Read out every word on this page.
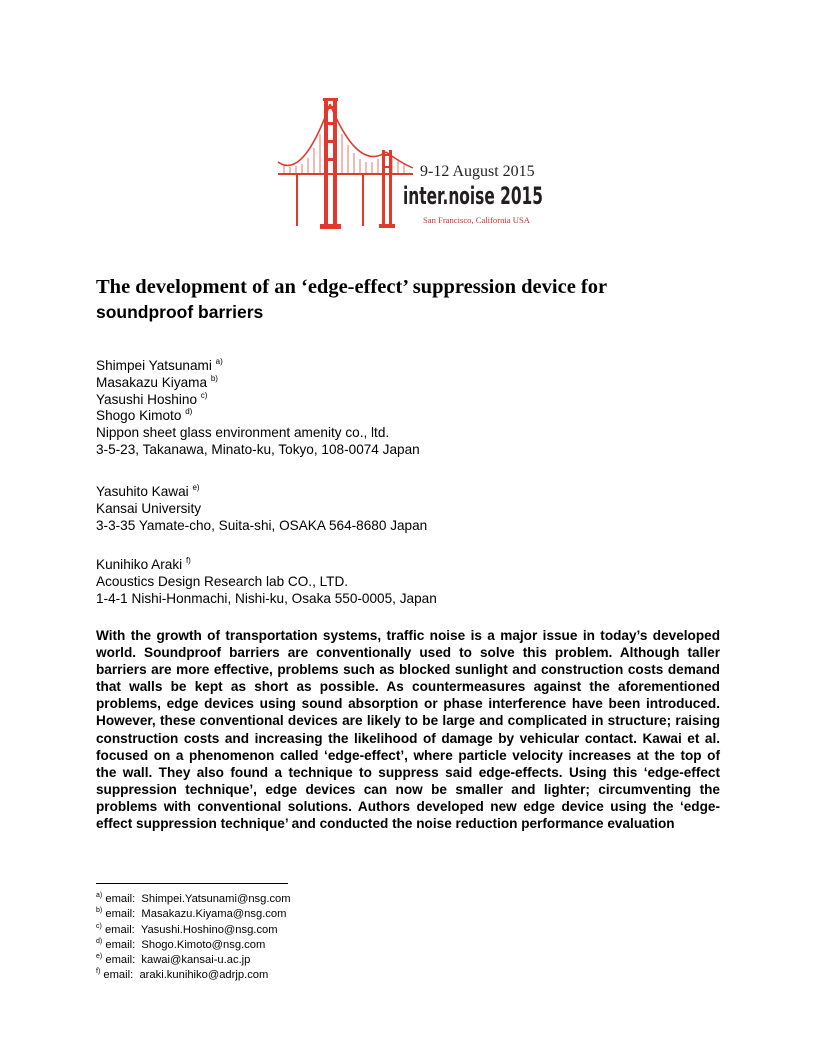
9-12 August 2015
inter.noise 2015
San Francisco, California USA
The development of an ‘edge-effect’ suppression device for
soundproof barriers
Shimpei Yatsunami $^{a)}$
Masakazu Kiyama $^{b)}$
Yasushi Hoshino $^{c)}$
Shogo Kimoto $^{d)}$
Nippon sheet glass environment amenity co., ltd.
3-5-23, Takanawa, Minato-ku, Tokyo, 108-0074 Japan
Yasuhito Kawai $^{e)}$
Kansai University
3-3-35 Yamate-cho, Suita-shi, OSAKA 564-8680 Japan
Kunihiko Araki $^{f)}$
Acoustics Design Research lab CO., LTD.
1-4-1 Nishi-Honmachi, Nishi-ku, Osaka 550-0005, Japan

With the growth of transportation systems, traffic noise is a major issue in today’s developed world. Soundproof barriers are conventionally used to solve this problem. Although taller barriers are more effective, problems such as blocked sunlight and construction costs demand that walls be kept as short as possible. As countermeasures against the aforementioned problems, edge devices using sound absorption or phase interference have been introduced. However, these conventional devices are likely to be large and complicated in structure; raising construction costs and increasing the likelihood of damage by vehicular contact. Kawai et al. focused on a phenomenon called ‘edge-effect’, where particle velocity increases at the top of the wall. They also found a technique to suppress said edge-effects. Using this ‘edge-effect suppression technique’, edge devices can now be smaller and lighter; circumventing the problems with conventional solutions. Authors developed new edge device using the ‘edge-effect suppression technique’ and conducted the noise reduction performance evaluation

$^{a)}$ email: Shimpei.Yatsunami@nsg.com
$^{b)}$ email: Masakazu.Kiyama@nsg.com
$^{c)}$ email: Yasushi.Hoshino@nsg.com
$^{d)}$ email: Shogo.Kimoto@nsg.com
$^{e)}$ email: kawai@kansai-u.ac.jp
$^{f)}$ email: araki.kunihiko@adrjp.com
